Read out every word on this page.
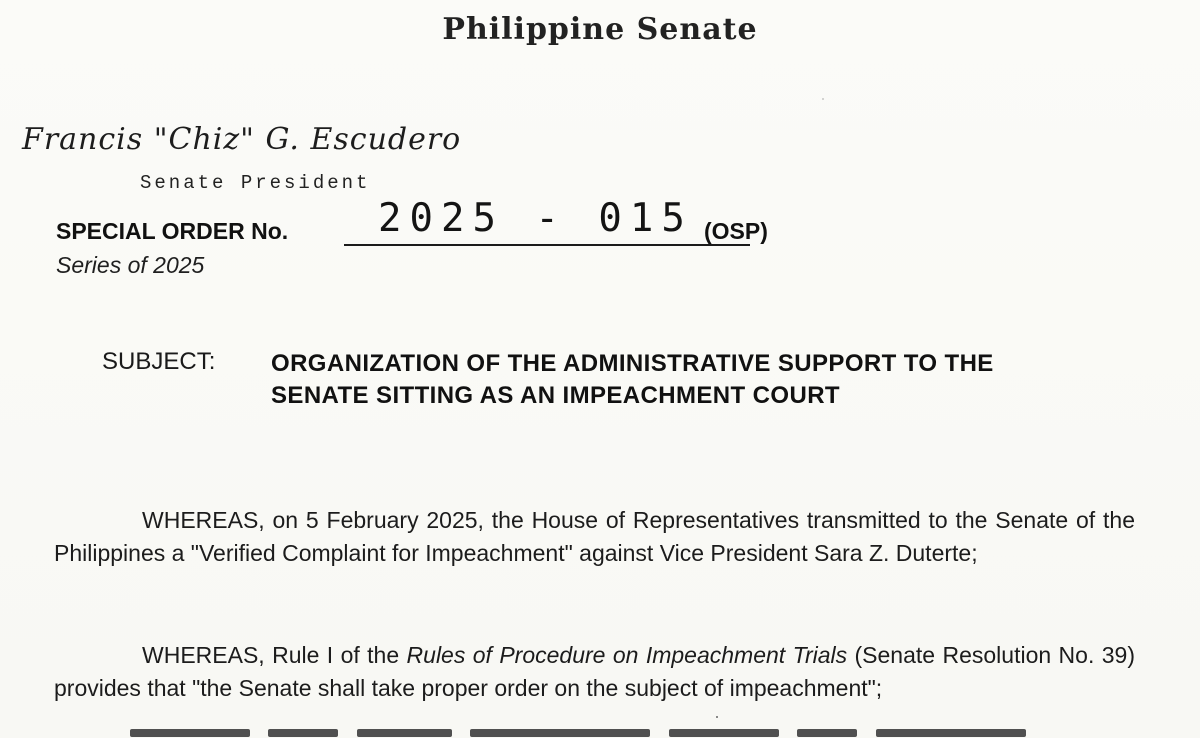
Philippine Senate
Francis "Chiz" G. Escudero
Senate President
SPECIAL ORDER No. 2025 - 015 (OSP)
Series of 2025
SUBJECT: ORGANIZATION OF THE ADMINISTRATIVE SUPPORT TO THE SENATE SITTING AS AN IMPEACHMENT COURT

WHEREAS, on 5 February 2025, the House of Representatives transmitted to the Senate of the Philippines a "Verified Complaint for Impeachment" against Vice President Sara Z. Duterte;

WHEREAS, Rule I of the Rules of Procedure on Impeachment Trials (Senate Resolution No. 39) provides that "the Senate shall take proper order on the subject of impeachment";
